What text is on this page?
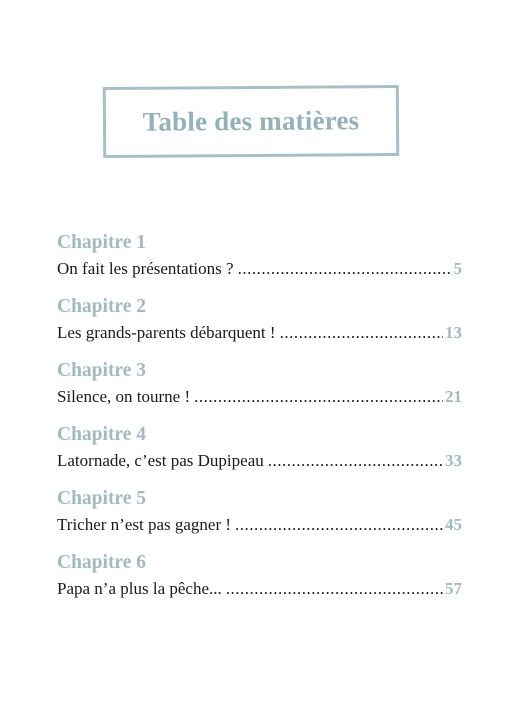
Table des matières
Chapitre 1
On fait les présentations ? .....	5
Chapitre 2
Les grands-parents débarquent ! .....	13
Chapitre 3
Silence, on tourne ! .....	21
Chapitre 4
Latornade, c’est pas Dupipeau .....	33
Chapitre 5
Tricher n’est pas gagner ! .....	45
Chapitre 6
Papa n’a plus la pêche... .....	57
